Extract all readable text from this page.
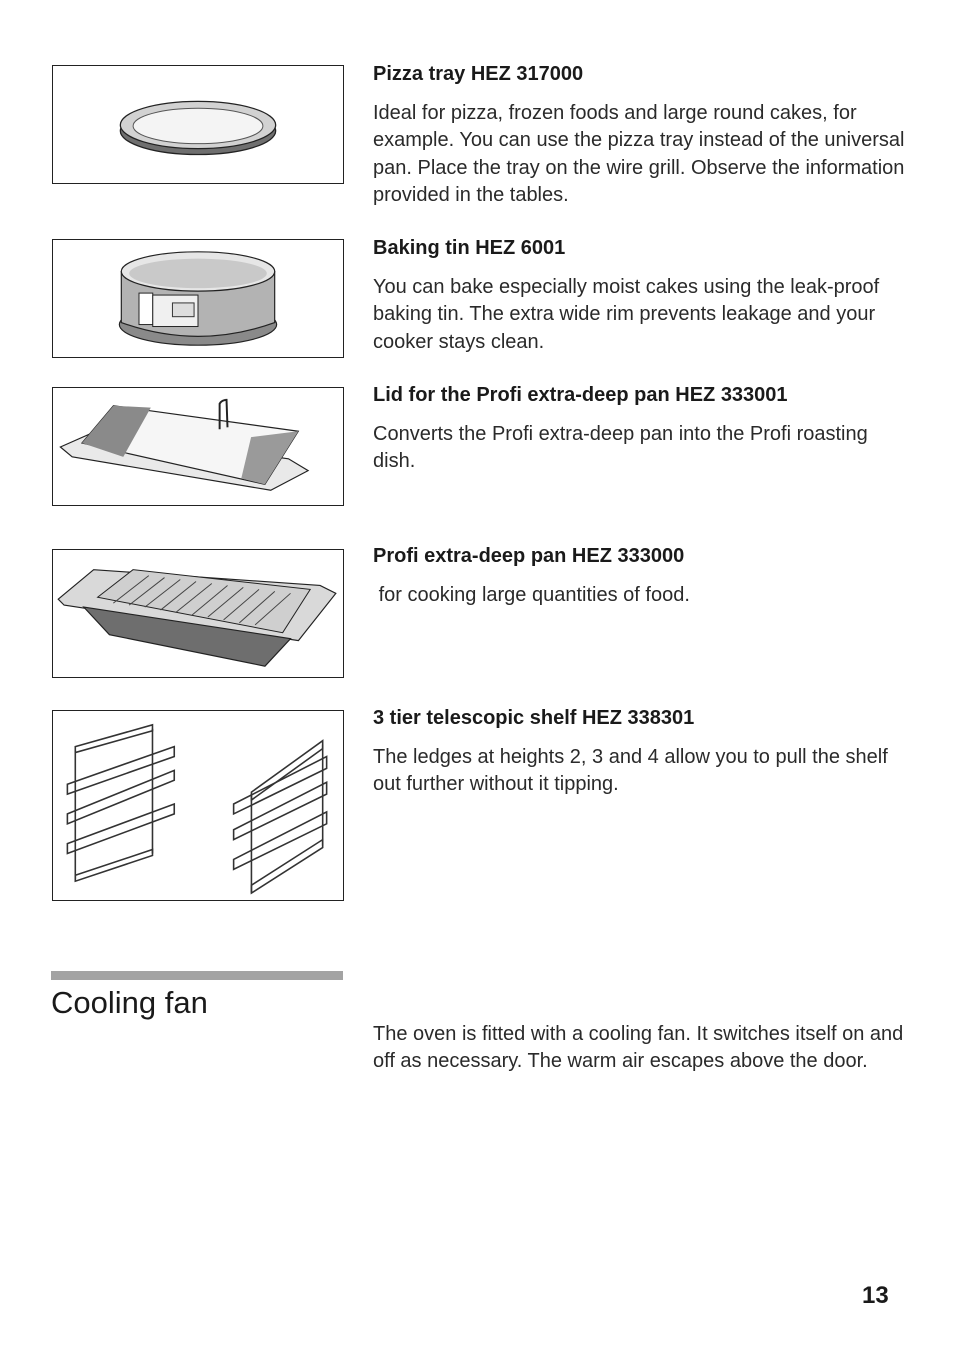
Pizza tray HEZ 317000

Ideal for pizza, frozen foods and large round cakes, for example. You can use the pizza tray instead of the universal pan. Place the tray on the wire grill. Observe the information provided in the tables.

Baking tin HEZ 6001

You can bake especially moist cakes using the leak-proof baking tin. The extra wide rim prevents leakage and your cooker stays clean.

Lid for the Profi extra-deep pan HEZ 333001

Converts the Profi extra-deep pan into the Profi roasting dish.

Profi extra-deep pan HEZ 333000

for cooking large quantities of food.

3 tier telescopic shelf HEZ 338301

The ledges at heights 2, 3 and 4 allow you to pull the shelf out further without it tipping.

Cooling fan

The oven is fitted with a cooling fan. It switches itself on and off as necessary. The warm air escapes above the door.

13
